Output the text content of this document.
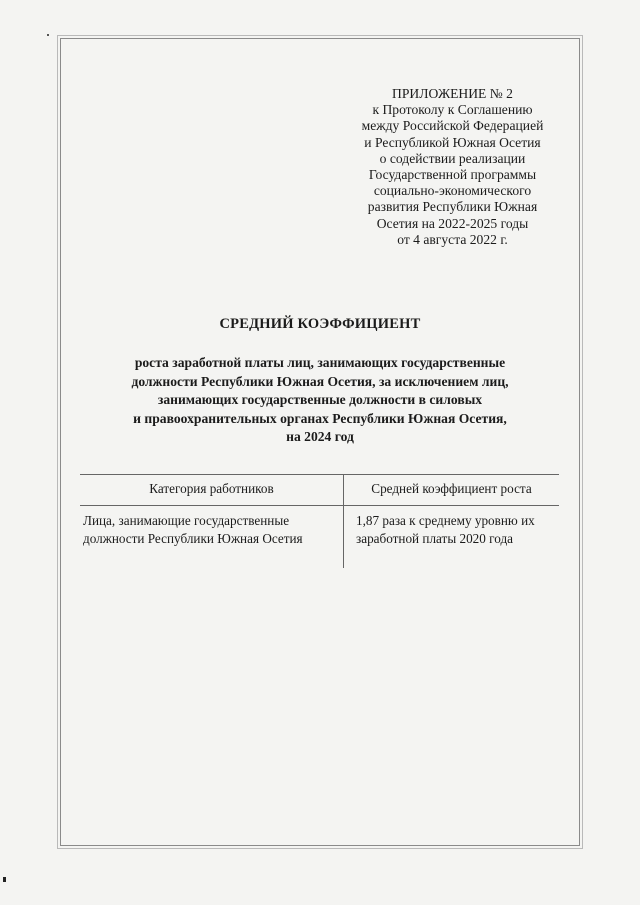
ПРИЛОЖЕНИЕ № 2
к Протоколу к Соглашению
между Российской Федерацией
и Республикой Южная Осетия
о содействии реализации
Государственной программы
социально-экономического
развития Республики Южная
Осетия на 2022-2025 годы
от 4 августа 2022 г.
СРЕДНИЙ КОЭФФИЦИЕНТ
роста заработной платы лиц, занимающих государственные
должности Республики Южная Осетия, за исключением лиц,
занимающих государственные должности в силовых
и правоохранительных органах Республики Южная Осетия,
на 2024 год
Категория работников	Средней коэффициент роста
Лица, занимающие государственные
должности Республики Южная Осетия
1,87 раза к среднему уровню их
заработной платы 2020 года
